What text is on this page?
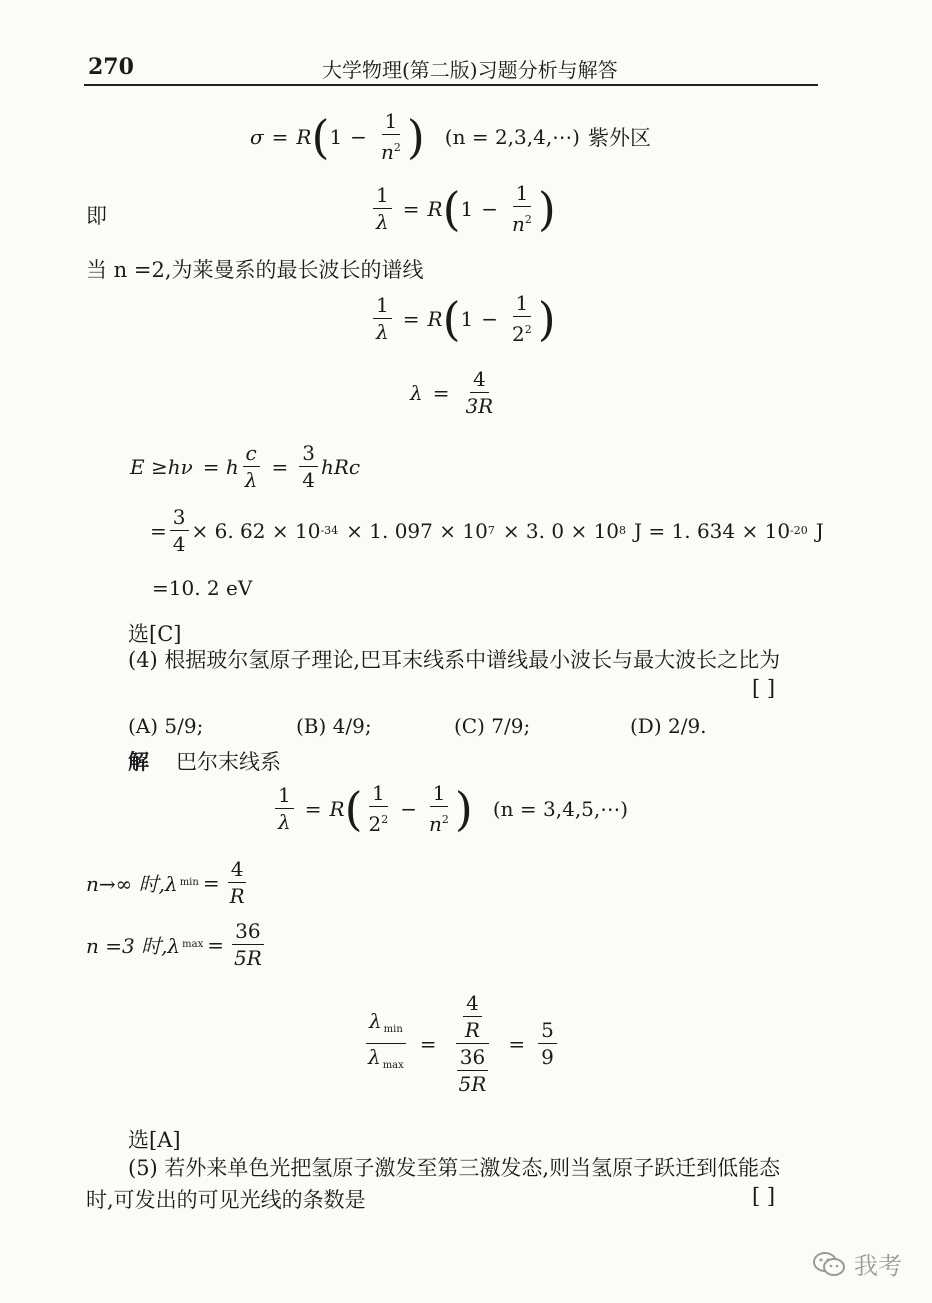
270	大学物理(第二版)习题分析与解答
σ = R ( $1 - \frac{1}{n^2}$ ) (n = 2,3,4,⋯) 紫外区
即	$\frac{1}{\lambda} = R$ ( $1 - \frac{1}{n^2}$ )
当 n =2,为莱曼系的最长波长的谱线
$\frac{1}{\lambda} = R$ ( $1 - \frac{1}{2^2}$ )
$\lambda = \frac{4}{3R}$
E ≥hν = h $\frac{c}{\lambda} = \frac{3}{4}$ hRc
= $\frac{3}{4} \times 6$. 62 × 10 -34 × 1. 097 × 10 7 × 3. 0 × 10 8 J = 1. 634 × 10 -20 J
=10. 2 eV
选[C]
(4) 根据玻尔氢原子理论,巴耳末线系中谱线最小波长与最大波长之比为
[ ]
(A) 5/9;	(B) 4/9;	(C) 7/9;	(D) 2/9.
解 巴尔末线系
$\frac{1}{\lambda} = R$ ( $\frac{1}{2^2} - \frac{1}{n^2}$ ) (n = 3,4,5,⋯)
n→∞ 时,λ $\min = \frac{4}{R}$
n =3 时,λ $\max = \frac{36}{5R}$
$\frac{\lambda _{min}}{\lambda _{max}} = \frac{\frac{4}{R}}{\frac{36}{5R}} = \frac{5}{9}$
选[A]
(5) 若外来单色光把氢原子激发至第三激发态,则当氢原子跃迁到低能态
时,可发出的可见光线的条数是	[ ]
我考
